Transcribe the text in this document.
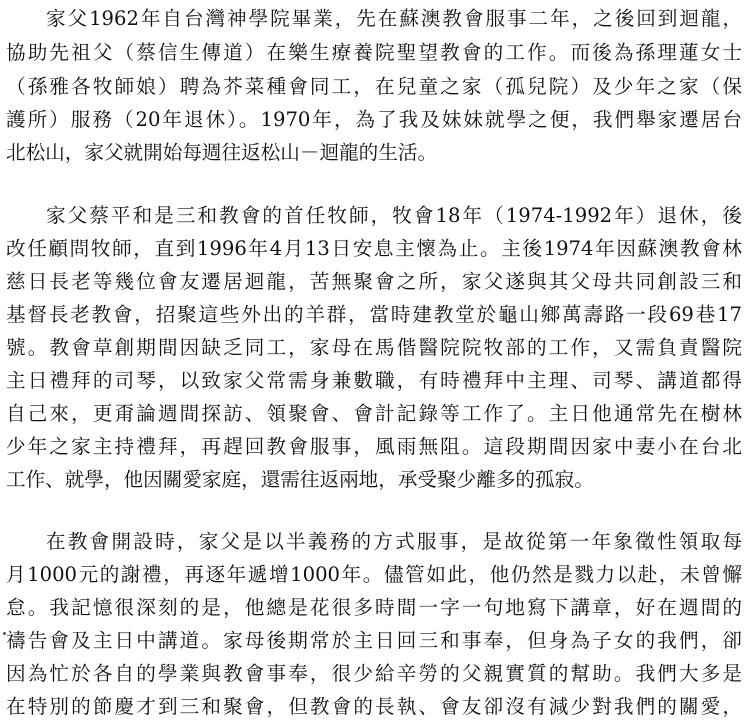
家父1962年自台灣神學院畢業，先在蘇澳教會服事二年，之後回到迴龍，
協助先祖父（蔡信生傳道）在樂生療養院聖望教會的工作。而後為孫理蓮女士
（孫雅各牧師娘）聘為芥菜種會同工，在兒童之家（孤兒院）及少年之家（保
護所）服務（20年退休）。1970年，為了我及妹妹就學之便，我們舉家遷居台
北松山，家父就開始每週往返松山－迴龍的生活。
家父蔡平和是三和教會的首任牧師，牧會18年（1974-1992年）退休，後
改任顧問牧師，直到1996年4月13日安息主懷為止。主後1974年因蘇澳教會林
慈日長老等幾位會友遷居迴龍，苦無聚會之所，家父遂與其父母共同創設三和
基督長老教會，招聚這些外出的羊群，當時建教堂於龜山鄉萬壽路一段69巷17
號。教會草創期間因缺乏同工，家母在馬偕醫院院牧部的工作，又需負責醫院
主日禮拜的司琴，以致家父常需身兼數職，有時禮拜中主理、司琴、講道都得
自己來，更甭論週間探訪、領聚會、會計記錄等工作了。主日他通常先在樹林
少年之家主持禮拜，再趕回教會服事，風雨無阻。這段期間因家中妻小在台北
工作、就學，他因關愛家庭，還需往返兩地，承受聚少離多的孤寂。
在教會開設時，家父是以半義務的方式服事，是故從第一年象徵性領取每
月1000元的謝禮，再逐年遞增1000年。儘管如此，他仍然是戮力以赴，未曾懈
怠。我記憶很深刻的是，他總是花很多時間一字一句地寫下講章，好在週間的
禱告會及主日中講道。家母後期常於主日回三和事奉，但身為子女的我們，卻
因為忙於各自的學業與教會事奉，很少給辛勞的父親實質的幫助。我們大多是
在特別的節慶才到三和聚會，但教會的長執、會友卻沒有減少對我們的關愛，
